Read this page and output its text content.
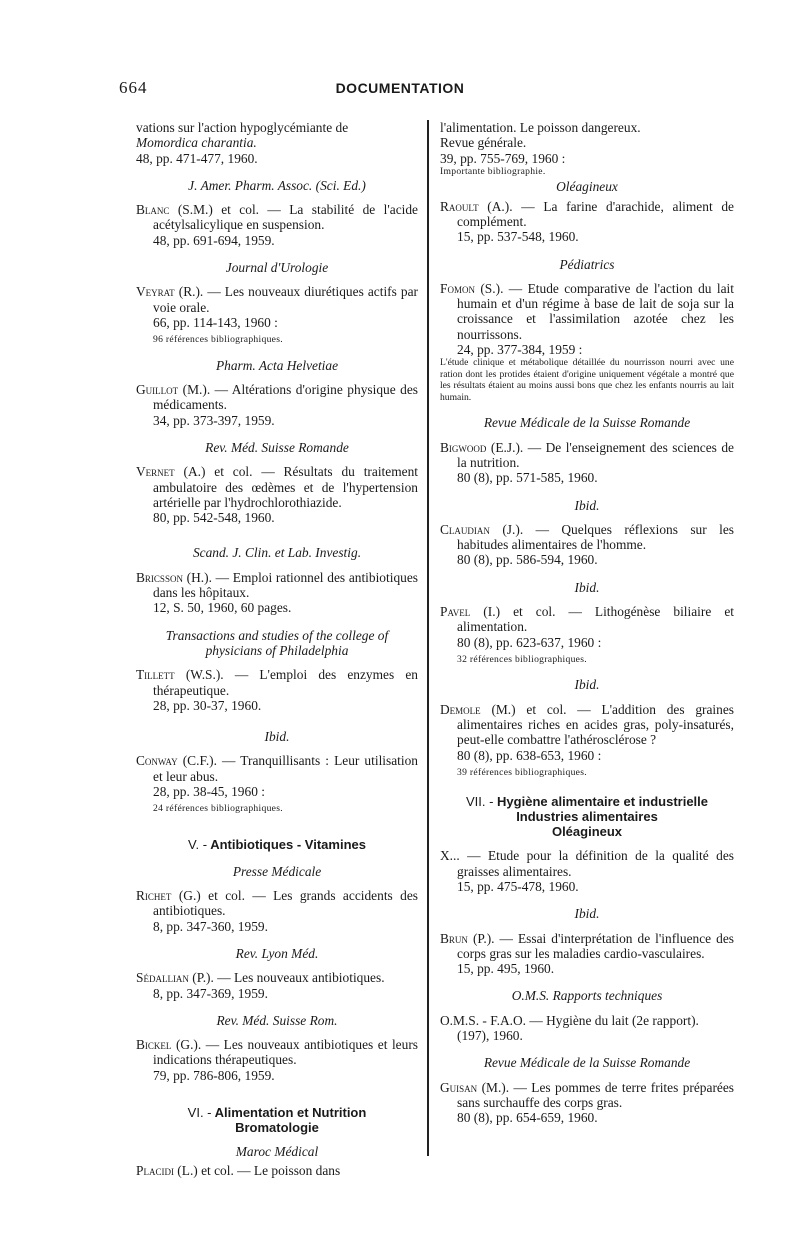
664	DOCUMENTATION
vations sur l'action hypoglycémiante de
Momordica charantia.
48, pp. 471-477, 1960.
J. Amer. Pharm. Assoc. (Sci. Ed.)
Blanc (S.M.) et col. — La stabilité de l'acide acétylsalicylique en suspension.
48, pp. 691-694, 1959.
Journal d'Urologie
Veyrat (R.). — Les nouveaux diurétiques actifs par voie orale.
66, pp. 114-143, 1960 :
96 références bibliographiques.
Pharm. Acta Helvetiae
Guillot (M.). — Altérations d'origine physique des médicaments.
34, pp. 373-397, 1959.
Rev. Méd. Suisse Romande
Vernet (A.) et col. — Résultats du traitement ambulatoire des œdèmes et de l'hypertension artérielle par l'hydrochlorothiazide.
80, pp. 542-548, 1960.
Scand. J. Clin. et Lab. Investig.
Bricsson (H.). — Emploi rationnel des antibiotiques dans les hôpitaux.
12, S. 50, 1960, 60 pages.
Transactions and studies of the college of physicians of Philadelphia
Tillett (W.S.). — L'emploi des enzymes en thérapeutique.
28, pp. 30-37, 1960.
Ibid.
Conway (C.F.). — Tranquillisants : Leur utilisation et leur abus.
28, pp. 38-45, 1960 :
24 références bibliographiques.
V. - Antibiotiques - Vitamines
Presse Médicale
Richet (G.) et col. — Les grands accidents des antibiotiques.
8, pp. 347-360, 1959.
Rev. Lyon Méd.
Sédallian (P.). — Les nouveaux antibiotiques.
8, pp. 347-369, 1959.
Rev. Méd. Suisse Rom.
Bickel (G.). — Les nouveaux antibiotiques et leurs indications thérapeutiques.
79, pp. 786-806, 1959.
VI. - Alimentation et Nutrition
Bromatologie
Maroc Médical
Placidi (L.) et col. — Le poisson dans
l'alimentation. Le poisson dangereux.
Revue générale.
39, pp. 755-769, 1960 :
Importante bibliographie.
Oléagineux
Raoult (A.). — La farine d'arachide, aliment de complément.
15, pp. 537-548, 1960.
Pédiatrics
Fomon (S.). — Etude comparative de l'action du lait humain et d'un régime à base de lait de soja sur la croissance et l'assimilation azotée chez les nourrissons.
24, pp. 377-384, 1959 :
L'étude clinique et métabolique détaillée du nourrisson nourri avec une ration dont les protides étaient d'origine uniquement végétale a montré que les résultats étaient au moins aussi bons que chez les enfants nourris au lait humain.
Revue Médicale de la Suisse Romande
Bigwood (E.J.). — De l'enseignement des sciences de la nutrition.
80 (8), pp. 571-585, 1960.
Ibid.
Claudian (J.). — Quelques réflexions sur les habitudes alimentaires de l'homme.
80 (8), pp. 586-594, 1960.
Ibid.
Pavel (I.) et col. — Lithogénèse biliaire et alimentation.
80 (8), pp. 623-637, 1960 :
32 références bibliographiques.
Ibid.
Demole (M.) et col. — L'addition des graines alimentaires riches en acides gras, poly-insaturés, peut-elle combattre l'athérosclérose ?
80 (8), pp. 638-653, 1960 :
39 références bibliographiques.
VII. - Hygiène alimentaire et industrielle
Industries alimentaires
Oléagineux
X... — Etude pour la définition de la qualité des graisses alimentaires.
15, pp. 475-478, 1960.
Ibid.
Brun (P.). — Essai d'interprétation de l'influence des corps gras sur les maladies cardio-vasculaires.
15, pp. 495, 1960.
O.M.S. Rapports techniques
O.M.S. - F.A.O. — Hygiène du lait (2e rapport).
(197), 1960.
Revue Médicale de la Suisse Romande
Guisan (M.). — Les pommes de terre frites préparées sans surchauffe des corps gras.
80 (8), pp. 654-659, 1960.
